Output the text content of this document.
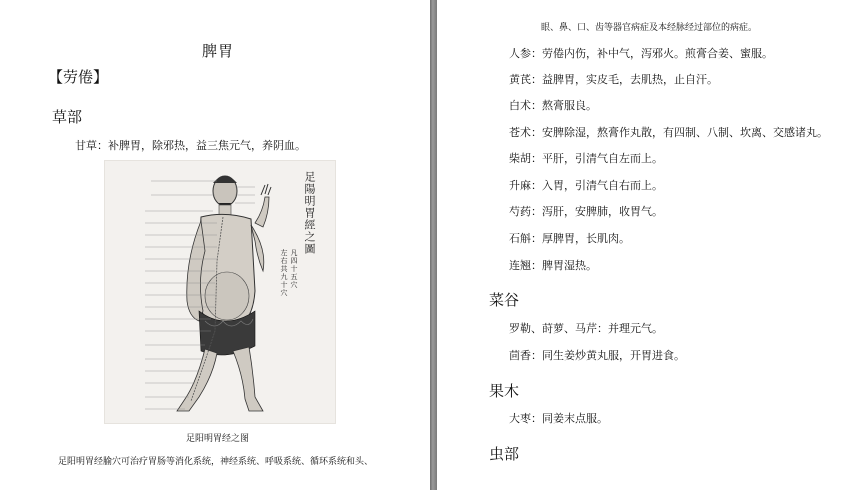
脾胃
【劳倦】
草部
甘草：补脾胃，除邪热，益三焦元气，养阴血。
足陽明胃經之圖
凡四十五穴
左右共九十穴
足阳明胃经之图
足阳明胃经腧穴可治疗胃肠等消化系统，神经系统、呼吸系统、循环系统和头、
眼、鼻、口、齿等器官病症及本经脉经过部位的病症。
人参：劳倦内伤，补中气，泻邪火。煎膏合姜、蜜服。
黄芪：益脾胃，实皮毛，去肌热，止自汗。
白术：熬膏服良。
苍术：安脾除湿，熬膏作丸散，有四制、八制、坎离、交感诸丸。
柴胡：平肝，引清气自左而上。
升麻：入胃，引清气自右而上。
芍药：泻肝，安脾肺，收胃气。
石斛：厚脾胃，长肌肉。
连翘：脾胃湿热。
菜谷
罗勒、莳萝、马芹：并理元气。
茴香：同生姜炒黄丸服，开胃进食。
果木
大枣：同姜末点服。
虫部
